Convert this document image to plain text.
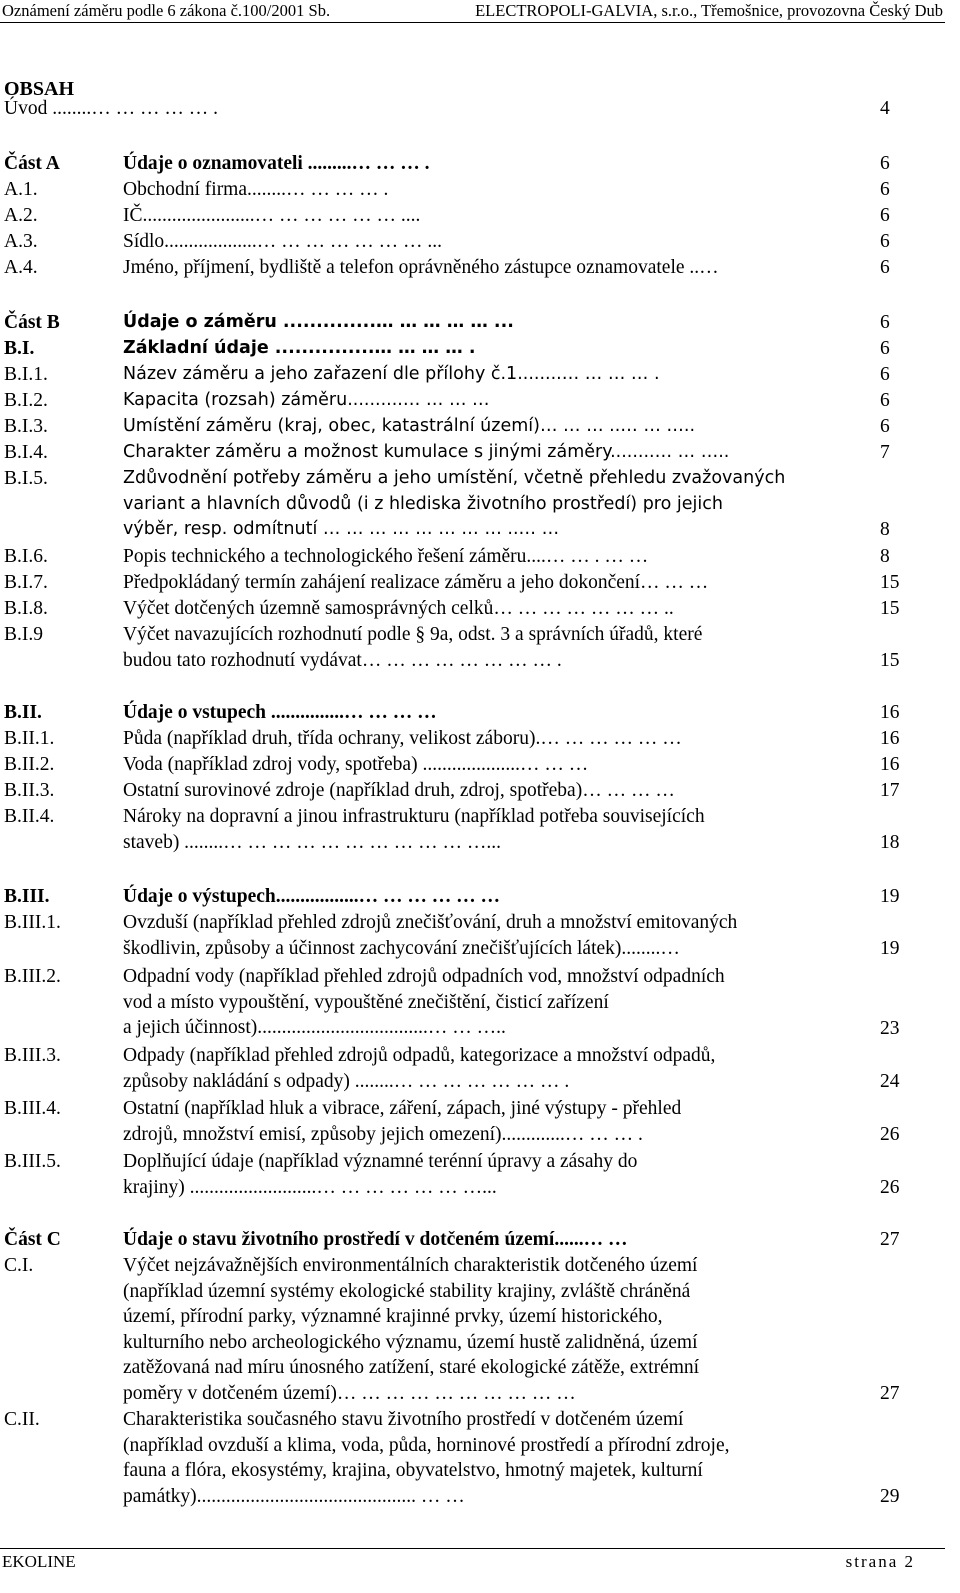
Oznámení záměru podle 6 zákona č.100/2001 Sb.	ELECTROPOLI-GALVIA, s.r.o., Třemošnice, provozovna Český Dub
OBSAH
Úvod ........… … … … … .	4
Část A	Údaje o oznamovateli .........… … … .	6
A.1.	Obchodní firma........… … … … .	6
A.2.	IČ.......................… … … … … … ....	6
A.3.	Sídlo...................… … … … … … … ...	6
A.4.	Jméno, příjmení, bydliště a telefon oprávněného zástupce oznamovatele ..…	6
Část B	Údaje o záměru ..............… … … … … ...	6
B.I.	Základní údaje ...............… … … … .	6
B.I.1.	Název záměru a jeho zařazení dle přílohy č.1........… … … … .	6
B.I.2.	Kapacita (rozsah) záměru..........… … … …	6
B.I.3.	Umístění záměru (kraj, obec, katastrální území)… … … ..… … …..	6
B.I.4.	Charakter záměru a možnost kumulace s jinými záměry........… … …..	7
B.I.5.	Zdůvodnění potřeby záměru a jeho umístění, včetně přehledu zvažovaných
variant a hlavních důvodů (i z hlediska životního prostředí) pro jejich
výběr, resp. odmítnutí … … … … … … … … ..… …	8
B.I.6.	Popis technického a technologického řešení záměru....… … . … …	8
B.I.7.	Předpokládaný termín zahájení realizace záměru a jeho dokončení… … …	15
B.I.8.	Výčet dotčených územně samosprávných celků… … … … … … … ..	15
B.I.9	Výčet navazujících rozhodnutí podle § 9a, odst. 3 a správních úřadů, které
budou tato rozhodnutí vydávat… … … … … … … … .	15
B.II.	Údaje o vstupech ...............… … … …	16
B.II.1.	Půda (například druh, třída ochrany, velikost záboru).… … … … … …	16
B.II.2.	Voda (například zdroj vody, spotřeba) ....................… … …	16
B.II.3.	Ostatní surovinové zdroje (například druh, zdroj, spotřeba)… … … …	17
B.II.4.	Nároky na dopravní a jinou infrastrukturu (například potřeba souvisejících
staveb) ........… … … … … … … … … … …...	18
B.III.	Údaje o výstupech.................… … … … … …	19
B.III.1.	Ovzduší (například přehled zdrojů znečišťování, druh a množství emitovaných
škodlivin, způsoby a účinnost zachycování znečišťujících látek)........…	19
B.III.2.	Odpadní vody (například přehled zdrojů odpadních vod, množství odpadních
vod a místo vypouštění, vypouštěné znečištění, čisticí zařízení
a jejich účinnost)...................................… … …..	23
B.III.3.	Odpady (například přehled zdrojů odpadů, kategorizace a množství odpadů,
způsoby nakládání s odpady) ........… … … … … … … .	24
B.III.4.	Ostatní (například hluk a vibrace, záření, zápach, jiné výstupy - přehled
zdrojů, množství emisí, způsoby jejich omezení).............… … … .	26
B.III.5.	Doplňující údaje (například významné terénní úpravy a zásahy do
krajiny) ..........................… … … … … … …...	26
Část C	Údaje o stavu životního prostředí v dotčeném území......… …	27
C.I.	Výčet nejzávažnějších environmentálních charakteristik dotčeného území
(například územní systémy ekologické stability krajiny, zvláště chráněná
území, přírodní parky, významné krajinné prvky, území historického,
kulturního nebo archeologického významu, území hustě zalidněná, území
zatěžovaná nad míru únosného zatížení, staré ekologické zátěže, extrémní
poměry v dotčeném území)… … … … … … … … … …	27
C.II.	Charakteristika současného stavu životního prostředí v dotčeném území
(například ovzduší a klima, voda, půda, horninové prostředí a přírodní zdroje,
fauna a flóra, ekosystémy, krajina, obyvatelstvo, hmotný majetek, kulturní
památky)............................................. … …	29
EKOLINE	strana 2
